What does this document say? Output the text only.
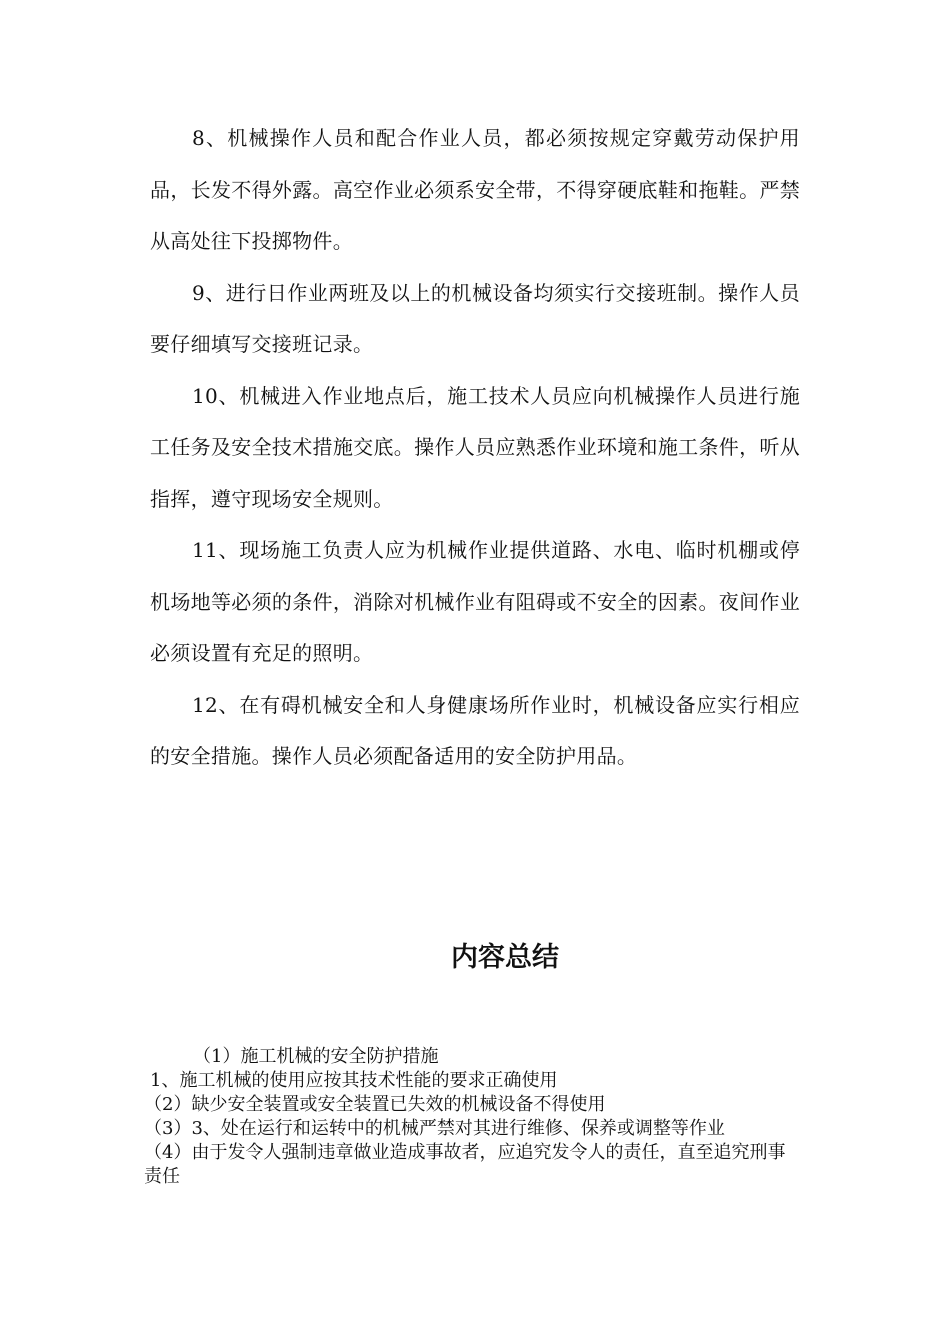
8、机械操作人员和配合作业人员，都必须按规定穿戴劳动保护用品，长发不得外露。高空作业必须系安全带，不得穿硬底鞋和拖鞋。严禁从高处往下投掷物件。

9、进行日作业两班及以上的机械设备均须实行交接班制。操作人员要仔细填写交接班记录。

10、机械进入作业地点后，施工技术人员应向机械操作人员进行施工任务及安全技术措施交底。操作人员应熟悉作业环境和施工条件，听从指挥，遵守现场安全规则。

11、现场施工负责人应为机械作业提供道路、水电、临时机棚或停机场地等必须的条件，消除对机械作业有阻碍或不安全的因素。夜间作业必须设置有充足的照明。

12、在有碍机械安全和人身健康场所作业时，机械设备应实行相应的安全措施。操作人员必须配备适用的安全防护用品。

内容总结

（1）施工机械的安全防护措施

1、施工机械的使用应按其技术性能的要求正确使用

（2）缺少安全装置或安全装置已失效的机械设备不得使用

（3）3、处在运行和运转中的机械严禁对其进行维修、保养或调整等作业

（4）由于发令人强制违章做业造成事故者，应追究发令人的责任，直至追究刑事责任
